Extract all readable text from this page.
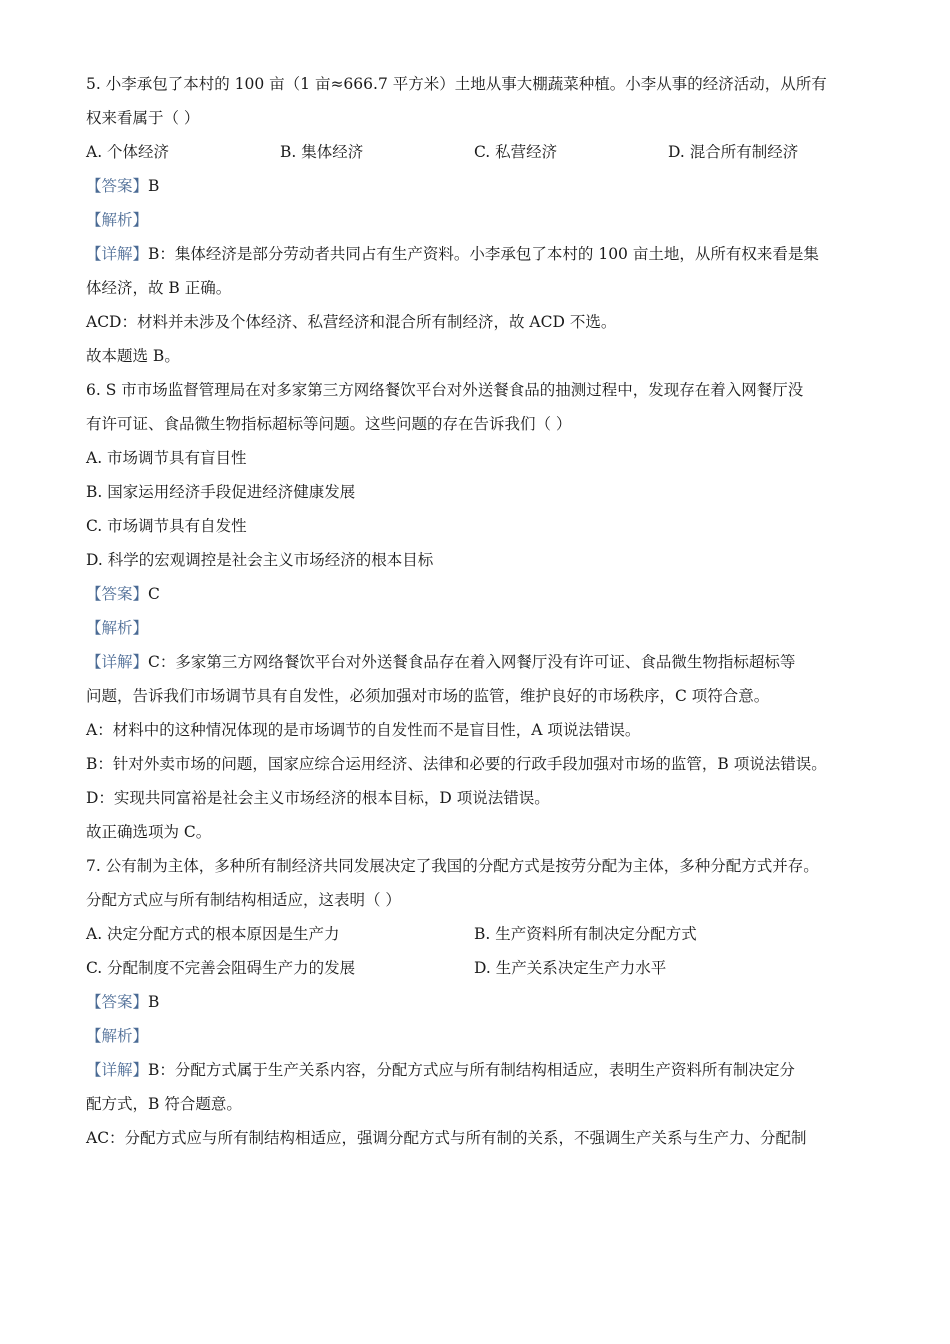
5. 小李承包了本村的 100 亩（1 亩≈666.7 平方米）土地从事大棚蔬菜种植。小李从事的经济活动，从所有

权来看属于（ ）

A. 个体经济	B. 集体经济	C. 私营经济	D. 混合所有制经济

【答案】B

【解析】

【详解】B：集体经济是部分劳动者共同占有生产资料。小李承包了本村的 100 亩土地，从所有权来看是集

体经济，故 B 正确。

ACD：材料并未涉及个体经济、私营经济和混合所有制经济，故 ACD 不选。

故本题选 B。

6. S 市市场监督管理局在对多家第三方网络餐饮平台对外送餐食品的抽测过程中，发现存在着入网餐厅没

有许可证、食品微生物指标超标等问题。这些问题的存在告诉我们（ ）

A. 市场调节具有盲目性

B. 国家运用经济手段促进经济健康发展

C. 市场调节具有自发性

D. 科学的宏观调控是社会主义市场经济的根本目标

【答案】C

【解析】

【详解】C：多家第三方网络餐饮平台对外送餐食品存在着入网餐厅没有许可证、食品微生物指标超标等

问题，告诉我们市场调节具有自发性，必须加强对市场的监管，维护良好的市场秩序，C 项符合意。

A：材料中的这种情况体现的是市场调节的自发性而不是盲目性，A 项说法错误。

B：针对外卖市场的问题，国家应综合运用经济、法律和必要的行政手段加强对市场的监管，B 项说法错误。

D：实现共同富裕是社会主义市场经济的根本目标，D 项说法错误。

故正确选项为 C。

7. 公有制为主体，多种所有制经济共同发展决定了我国的分配方式是按劳分配为主体，多种分配方式并存。

分配方式应与所有制结构相适应，这表明（ ）

A. 决定分配方式的根本原因是生产力	B. 生产资料所有制决定分配方式
C. 分配制度不完善会阻碍生产力的发展	D. 生产关系决定生产力水平

【答案】B

【解析】

【详解】B：分配方式属于生产关系内容，分配方式应与所有制结构相适应，表明生产资料所有制决定分

配方式，B 符合题意。

AC：分配方式应与所有制结构相适应，强调分配方式与所有制的关系，不强调生产关系与生产力、分配制
